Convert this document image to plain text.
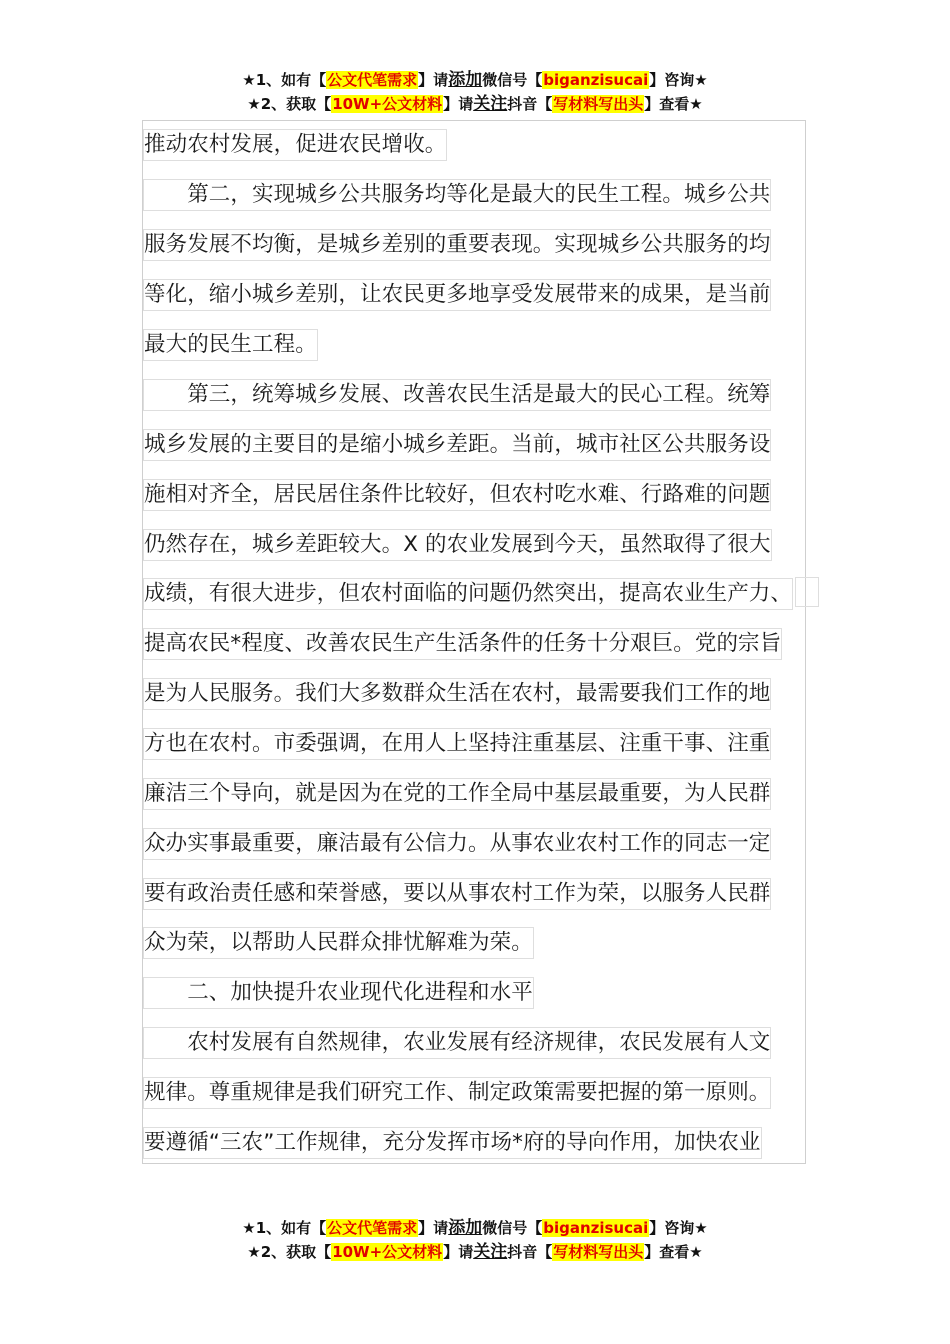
★1、如有【公文代笔需求】请添加微信号【biganzisucai】咨询★
★2、获取【10W+公文材料】请关注抖音【写材料写出头】查看★
推动农村发展，促进农民增收。
　　第二，实现城乡公共服务均等化是最大的民生工程。城乡公共
服务发展不均衡，是城乡差别的重要表现。实现城乡公共服务的均
等化，缩小城乡差别，让农民更多地享受发展带来的成果，是当前
最大的民生工程。
　　第三，统筹城乡发展、改善农民生活是最大的民心工程。统筹
城乡发展的主要目的是缩小城乡差距。当前，城市社区公共服务设
施相对齐全，居民居住条件比较好，但农村吃水难、行路难的问题
仍然存在，城乡差距较大。X 的农业发展到今天，虽然取得了很大
成绩，有很大进步，但农村面临的问题仍然突出，提高农业生产力、
提高农民*程度、改善农民生产生活条件的任务十分艰巨。党的宗旨
是为人民服务。我们大多数群众生活在农村，最需要我们工作的地
方也在农村。市委强调，在用人上坚持注重基层、注重干事、注重
廉洁三个导向，就是因为在党的工作全局中基层最重要，为人民群
众办实事最重要，廉洁最有公信力。从事农业农村工作的同志一定
要有政治责任感和荣誉感，要以从事农村工作为荣，以服务人民群
众为荣，以帮助人民群众排忧解难为荣。
　　二、加快提升农业现代化进程和水平
　　农村发展有自然规律，农业发展有经济规律，农民发展有人文
规律。尊重规律是我们研究工作、制定政策需要把握的第一原则。
要遵循“三农”工作规律，充分发挥市场*府的导向作用，加快农业
★1、如有【公文代笔需求】请添加微信号【biganzisucai】咨询★
★2、获取【10W+公文材料】请关注抖音【写材料写出头】查看★
